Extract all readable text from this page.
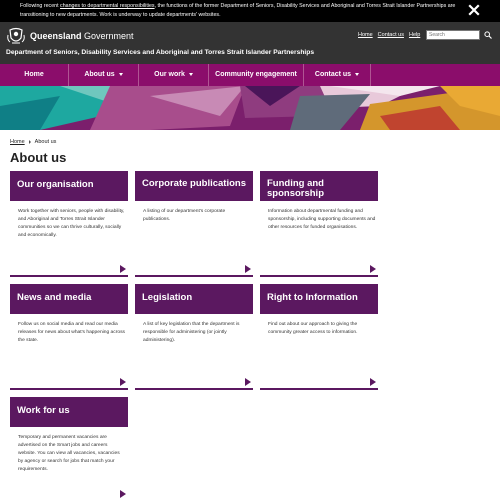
Following recent changes to departmental responsibilities, the functions of the former Department of Seniors, Disability Services and Aboriginal and Torres Strait Islander Partnerships are transitioning to new departments. Work is underway to update departments' websites.
Queensland Government	Home Contact us Help
Search
Department of Seniors, Disability Services and Aboriginal and Torres Strait Islander Partnerships
Home	About us	Our work	Community engagement	Contact us
Home About us
About us
Our organisation
Work together with seniors, people with disability, and Aboriginal and Torres Strait Islander communities so we can thrive culturally, socially and economically.
Corporate publications
A listing of our department's corporate publications.
Funding and sponsorship
Information about departmental funding and sponsorship, including supporting documents and other resources for funded organisations.
News and media
Follow us on social media and read our media releases for news about what's happening across the state.
Legislation
A list of key legislation that the department is responsible for administering (or jointly administering).
Right to Information
Find out about our approach to giving the community greater access to information.
Work for us
Temporary and permanent vacancies are advertised on the Smart jobs and careers website. You can view all vacancies, vacancies by agency or search for jobs that match your requirements.
